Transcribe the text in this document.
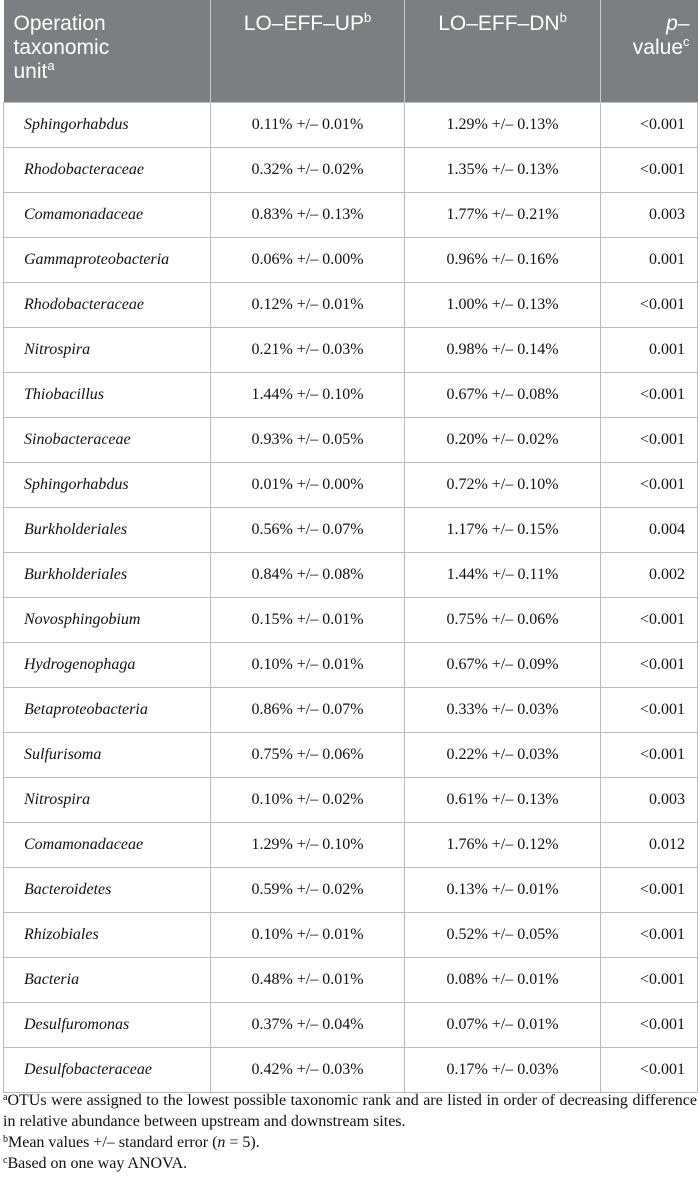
Operation
taxonomic
unit$^a$	$LO-EFF-UP^b$	$LO-EFF-DN^b$	p–
value$^c$
Sphingorhabdus	0.11% +/– 0.01%	1.29% +/– 0.13%	<0.001
Rhodobacteraceae	0.32% +/– 0.02%	1.35% +/– 0.13%	<0.001
Comamonadaceae	0.83% +/– 0.13%	1.77% +/– 0.21%	0.003
Gammaproteobacteria	0.06% +/– 0.00%	0.96% +/– 0.16%	0.001
Rhodobacteraceae	0.12% +/– 0.01%	1.00% +/– 0.13%	<0.001
Nitrospira	0.21% +/– 0.03%	0.98% +/– 0.14%	0.001
Thiobacillus	1.44% +/– 0.10%	0.67% +/– 0.08%	<0.001
Sinobacteraceae	0.93% +/– 0.05%	0.20% +/– 0.02%	<0.001
Sphingorhabdus	0.01% +/– 0.00%	0.72% +/– 0.10%	<0.001
Burkholderiales	0.56% +/– 0.07%	1.17% +/– 0.15%	0.004
Burkholderiales	0.84% +/– 0.08%	1.44% +/– 0.11%	0.002
Novosphingobium	0.15% +/– 0.01%	0.75% +/– 0.06%	<0.001
Hydrogenophaga	0.10% +/– 0.01%	0.67% +/– 0.09%	<0.001
Betaproteobacteria	0.86% +/– 0.07%	0.33% +/– 0.03%	<0.001
Sulfurisoma	0.75% +/– 0.06%	0.22% +/– 0.03%	<0.001
Nitrospira	0.10% +/– 0.02%	0.61% +/– 0.13%	0.003
Comamonadaceae	1.29% +/– 0.10%	1.76% +/– 0.12%	0.012
Bacteroidetes	0.59% +/– 0.02%	0.13% +/– 0.01%	<0.001
Rhizobiales	0.10% +/– 0.01%	0.52% +/– 0.05%	<0.001
Bacteria	0.48% +/– 0.01%	0.08% +/– 0.01%	<0.001
Desulfuromonas	0.37% +/– 0.04%	0.07% +/– 0.01%	<0.001
Desulfobacteraceae	0.42% +/– 0.03%	0.17% +/– 0.03%	<0.001

$^a$OTUs were assigned to the lowest possible taxonomic rank and are listed in order of decreasing difference in relative abundance between upstream and downstream sites.

$^b$Mean values +/– standard error (n = 5).

$^c$Based on one way ANOVA.
